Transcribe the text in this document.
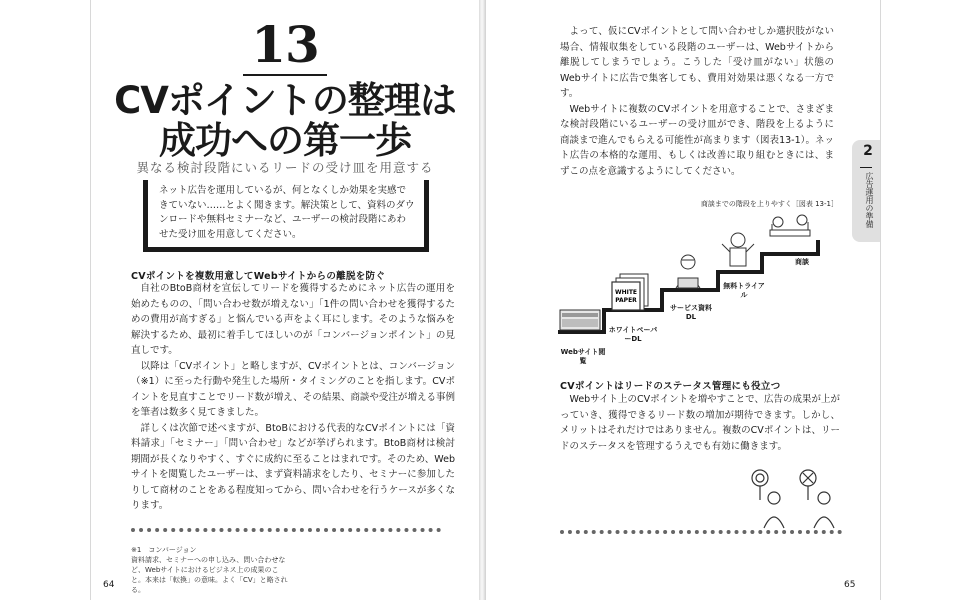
13
CVポイントの整理は
成功への第一歩
異なる検討段階にいるリードの受け皿を用意する
ネット広告を運用しているが、何となくしか効果を実感できていない……とよく聞きます。解決策として、資料のダウンロードや無料セミナーなど、ユーザーの検討段階にあわせた受け皿を用意してください。
CVポイントを複数用意してWebサイトからの離脱を防ぐ

自社のBtoB商材を宣伝してリードを獲得するためにネット広告の運用を始めたものの、「問い合わせ数が増えない」「1件の問い合わせを獲得するための費用が高すぎる」と悩んでいる声をよく耳にします。そのような悩みを解決するため、最初に着手してほしいのが「コンバージョンポイント」の見直しです。

以降は「CVポイント」と略しますが、CVポイントとは、コンバージョン（※1）に至った行動や発生した場所・タイミングのことを指します。CVポイントを見直すことでリード数が増え、その結果、商談や受注が増える事例を筆者は数多く見てきました。

詳しくは次節で述べますが、BtoBにおける代表的なCVポイントには「資料請求」「セミナー」「問い合わせ」などが挙げられます。BtoB商材は検討期間が長くなりやすく、すぐに成約に至ることはまれです。そのため、Webサイトを閲覧したユーザーは、まず資料請求をしたり、セミナーに参加したりして商材のことをある程度知ってから、問い合わせを行うケースが多くなります。

※1　コンバージョン
資料請求、セミナーへの申し込み、問い合わせなど、Webサイトにおけるビジネス上の成果のこと。本来は「転換」の意味。よく「CV」と略される。
64

よって、仮にCVポイントとして問い合わせしか選択肢がない場合、情報収集をしている段階のユーザーは、Webサイトから離脱してしまうでしょう。こうした「受け皿がない」状態のWebサイトに広告で集客しても、費用対効果は悪くなる一方です。

Webサイトに複数のCVポイントを用意することで、さまざまな検討段階にいるユーザーの受け皿ができ、階段を上るように商談まで進んでもらえる可能性が高まります（図表13-1）。ネット広告の本格的な運用、もしくは改善に取り組むときには、まずこの点を意識するようにしてください。

2
広告運用の準備
商談までの階段を上りやすく［図表 13-1］
WHITE
PAPER
Webサイト閲覧
ホワイトペーパーDL
サービス資料DL
無料トライアル
商談
CVポイントはリードのステータス管理にも役立つ

Webサイト上のCVポイントを増やすことで、広告の成果が上がっていき、獲得できるリード数の増加が期待できます。しかし、メリットはそれだけではありません。複数のCVポイントは、リードのステータスを管理するうえでも有効に働きます。

65
